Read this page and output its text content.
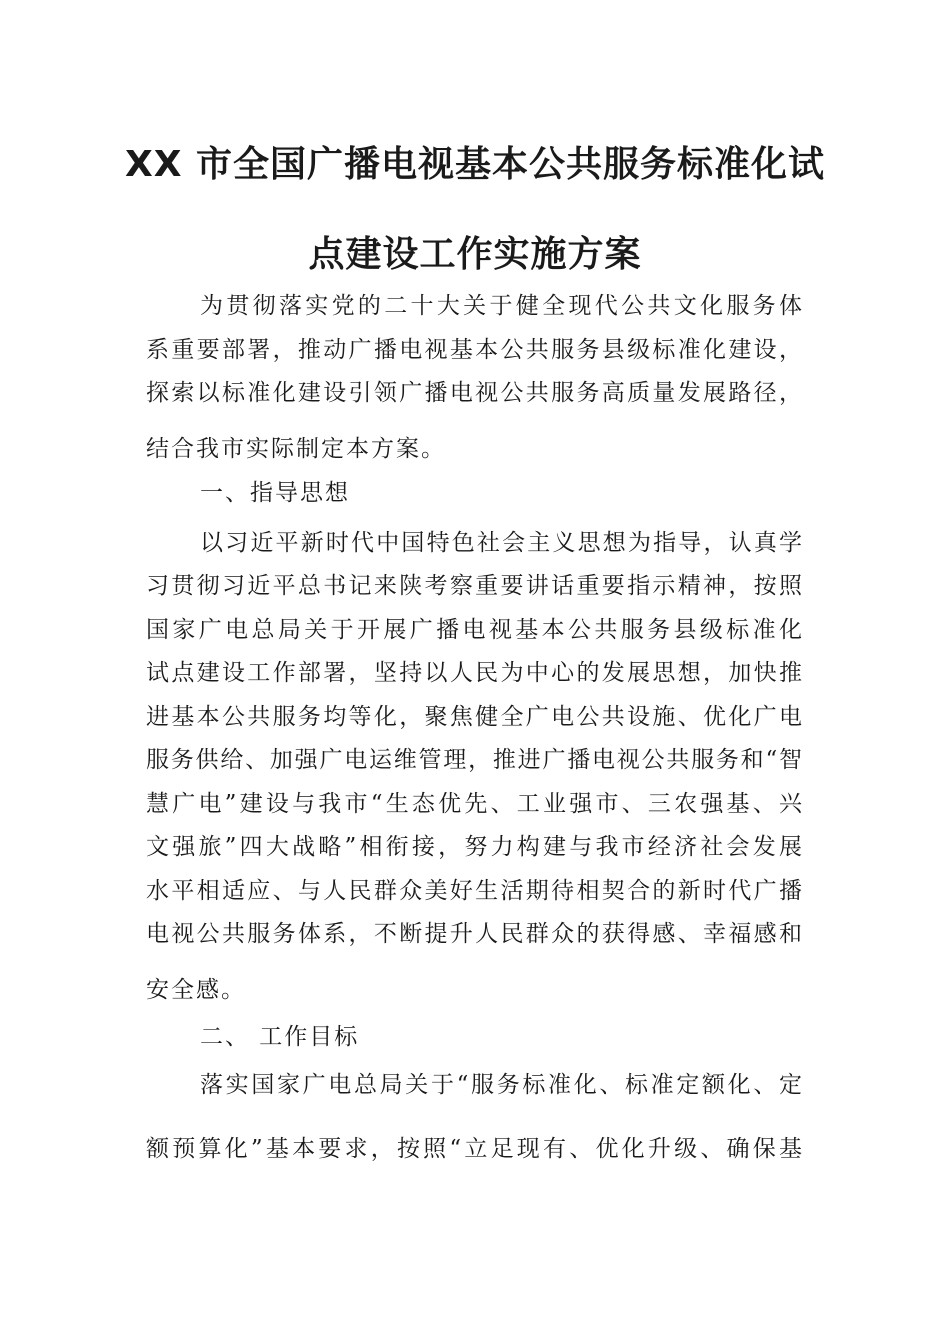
XX 市全国广播电视基本公共服务标准化试
点建设工作实施方案
为贯彻落实党的二十大关于健全现代公共文化服务体
系重要部署，推动广播电视基本公共服务县级标准化建设，
探索以标准化建设引领广播电视公共服务高质量发展路径，
结合我市实际制定本方案。
一、指导思想
以习近平新时代中国特色社会主义思想为指导，认真学
习贯彻习近平总书记来陕考察重要讲话重要指示精神，按照
国家广电总局关于开展广播电视基本公共服务县级标准化
试点建设工作部署，坚持以人民为中心的发展思想，加快推
进基本公共服务均等化，聚焦健全广电公共设施、优化广电
服务供给、加强广电运维管理，推进广播电视公共服务和“智
慧广电”建设与我市“生态优先、工业强市、三农强基、兴
文强旅”四大战略”相衔接，努力构建与我市经济社会发展
水平相适应、与人民群众美好生活期待相契合的新时代广播
电视公共服务体系，不断提升人民群众的获得感、幸福感和
安全感。
二、 工作目标
落实国家广电总局关于“服务标准化、标准定额化、定
额预算化”基本要求，按照“立足现有、优化升级、确保基
